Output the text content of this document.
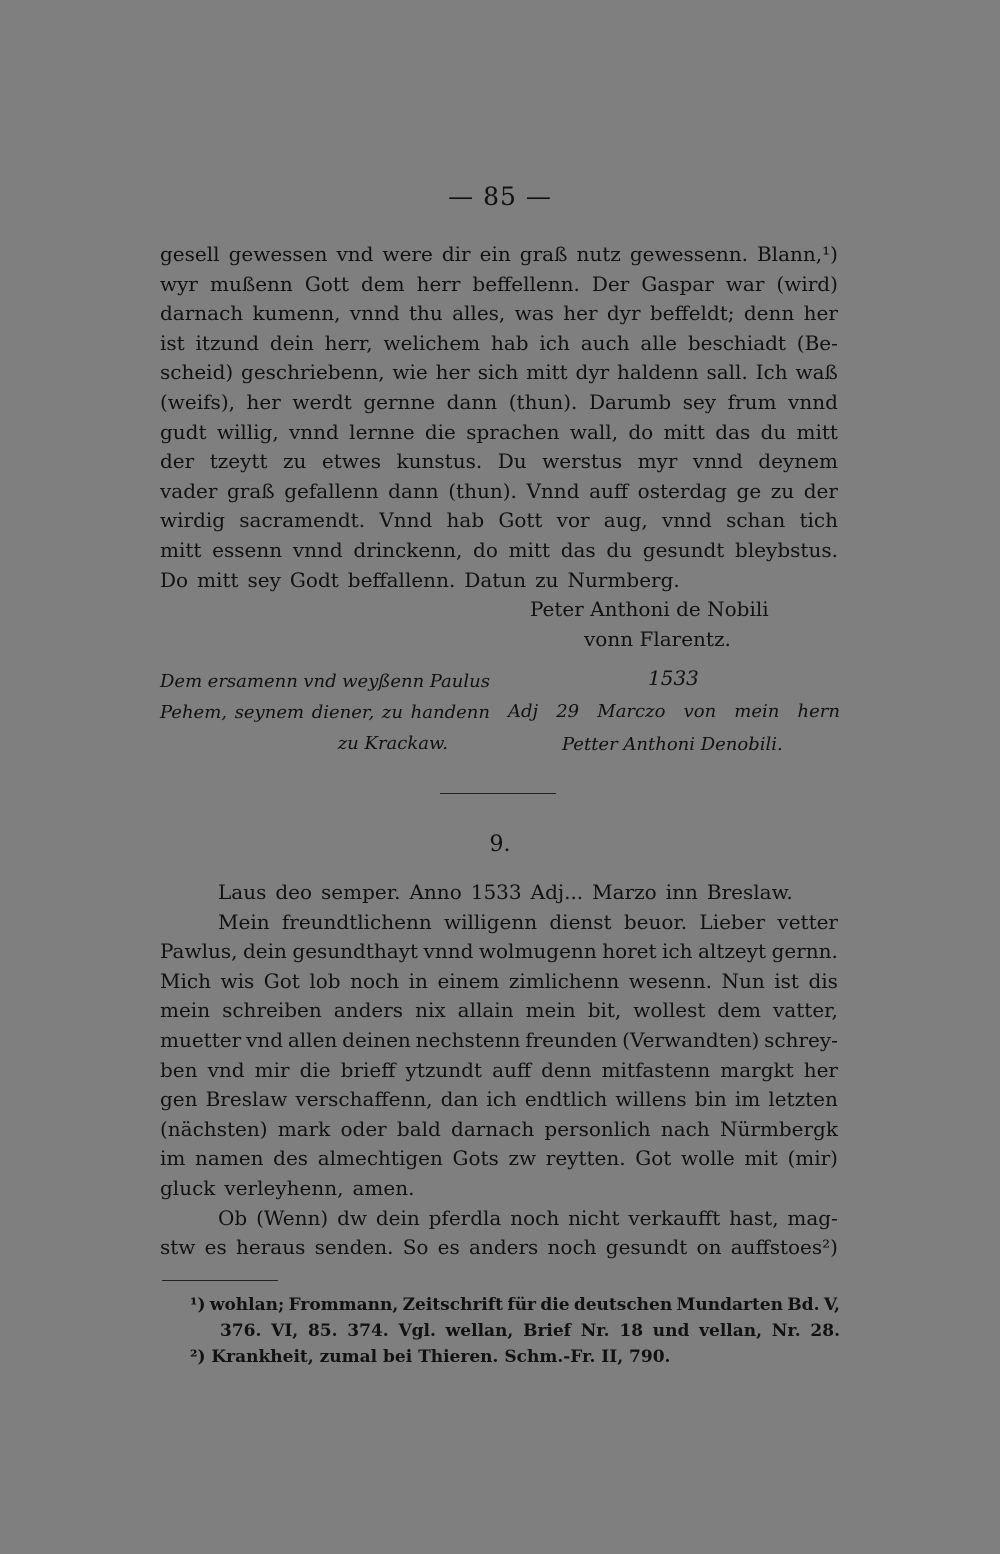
— 85 —
gesell gewessen vnd were dir ein graß nutz gewessenn. Blann,¹)
wyr mußenn Gott dem herr beffellenn. Der Gaspar war (wird)
darnach kumenn, vnnd thu alles, was her dyr beffeldt; denn her
ist itzund dein herr, welichem hab ich auch alle beschiadt (Be-
scheid) geschriebenn, wie her sich mitt dyr haldenn sall. Ich waß
(weifs), her werdt gernne dann (thun). Darumb sey frum vnnd
gudt willig, vnnd lernne die sprachen wall, do mitt das du mitt
der tzeytt zu etwes kunstus. Du werstus myr vnnd deynem
vader graß gefallenn dann (thun). Vnnd auff osterdag ge zu der
wirdig sacramendt. Vnnd hab Gott vor aug, vnnd schan tich
mitt essenn vnnd drinckenn, do mitt das du gesundt bleybstus.
Do mitt sey Godt beffallenn. Datun zu Nurmberg.
Peter Anthoni de Nobili
vonn Flarentz.
Dem ersamenn vnd weyßenn Paulus
Pehem, seynem diener, zu handenn
zu Krackaw.
1533
Adj 29 Marczo von mein hern
Petter Anthoni Denobili.
9.
Laus deo semper. Anno 1533 Adj... Marzo inn Breslaw.
Mein freundtlichenn willigenn dienst beuor. Lieber vetter
Pawlus, dein gesundthayt vnnd wolmugenn horet ich altzeyt gernn.
Mich wis Got lob noch in einem zimlichenn wesenn. Nun ist dis
mein schreiben anders nix allain mein bit, wollest dem vatter,
muetter vnd allen deinen nechstenn freunden (Verwandten) schrey-
ben vnd mir die brieff ytzundt auff denn mitfastenn margkt her
gen Breslaw verschaffenn, dan ich endtlich willens bin im letzten
(nächsten) mark oder bald darnach personlich nach Nürmbergk
im namen des almechtigen Gots zw reytten. Got wolle mit (mir)
gluck verleyhenn, amen.
Ob (Wenn) dw dein pferdla noch nicht verkaufft hast, mag-
stw es heraus senden. So es anders noch gesundt on auffstoes²)
¹) wohlan; Frommann, Zeitschrift für die deutschen Mundarten Bd. V,
376. VI, 85. 374. Vgl. wellan, Brief Nr. 18 und vellan, Nr. 28.
²) Krankheit, zumal bei Thieren. Schm.-Fr. II, 790.
